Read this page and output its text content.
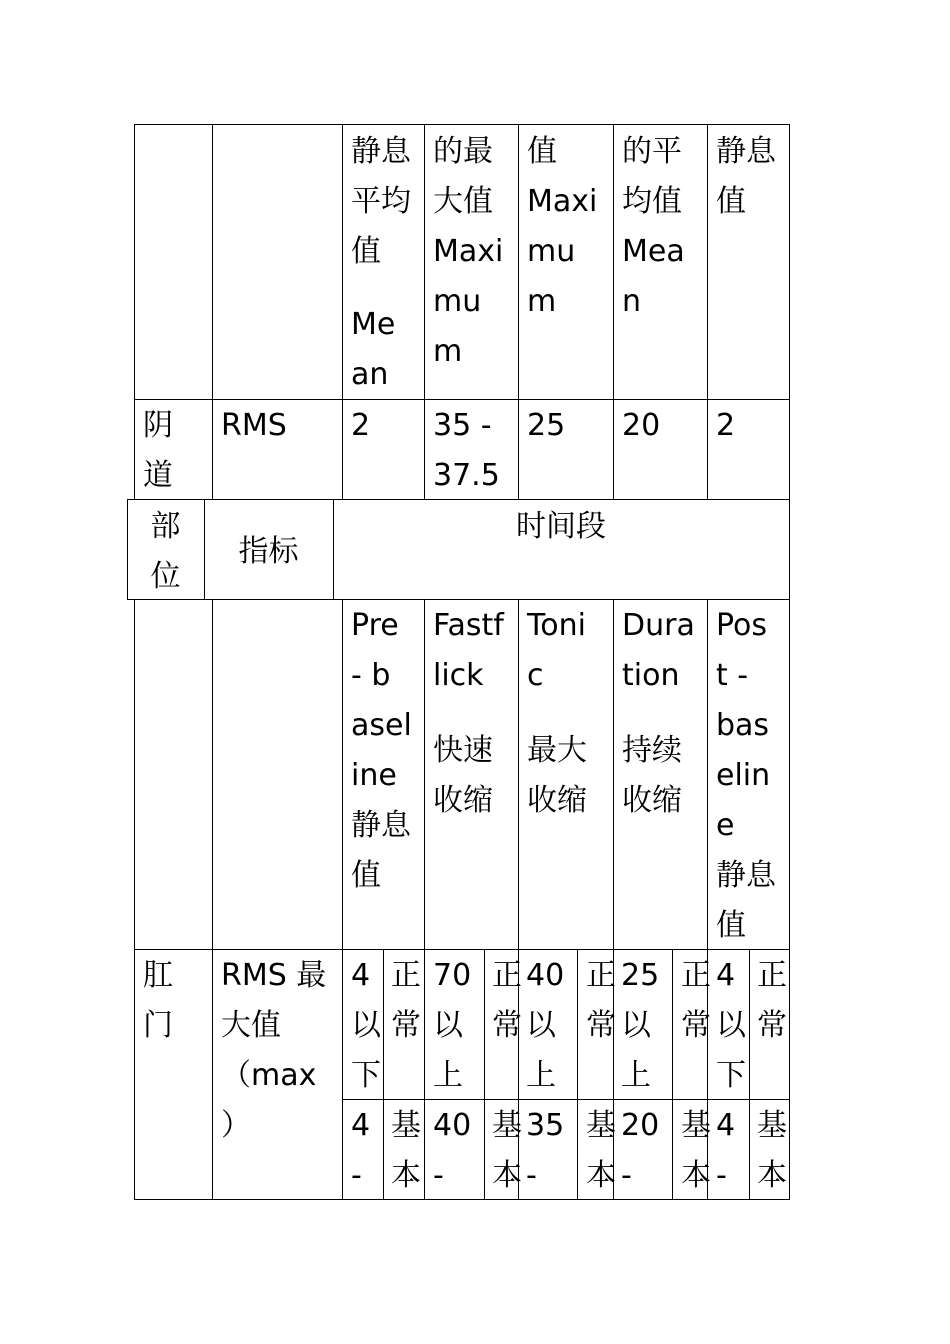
静息
平均
值
Me
an
的最
大值
Maxi
mu
m
值
Maxi
mu
m
的平
均值
Mea
n
静息
值
阴
道
RMS 2 35 -
37.5
25 20 2
部
位
指标
时间段
Pre
- b
asel
ine
静息
值
Fastf
lick
快速
收缩
Toni
c
最大
收缩
Dura
tion
持续
收缩
Pos
t -
bas
elin
e
静息
值
肛
门
RMS 最
大值
（max
）
4
以
下
正
常
70
以
上
正
常
40
以
上
正
常
25
以
上
正
常
4
以
下
正
常
4
-
基
本
40
-
基
本
35
-
基
本
20
-
基
本
4
-
基
本
